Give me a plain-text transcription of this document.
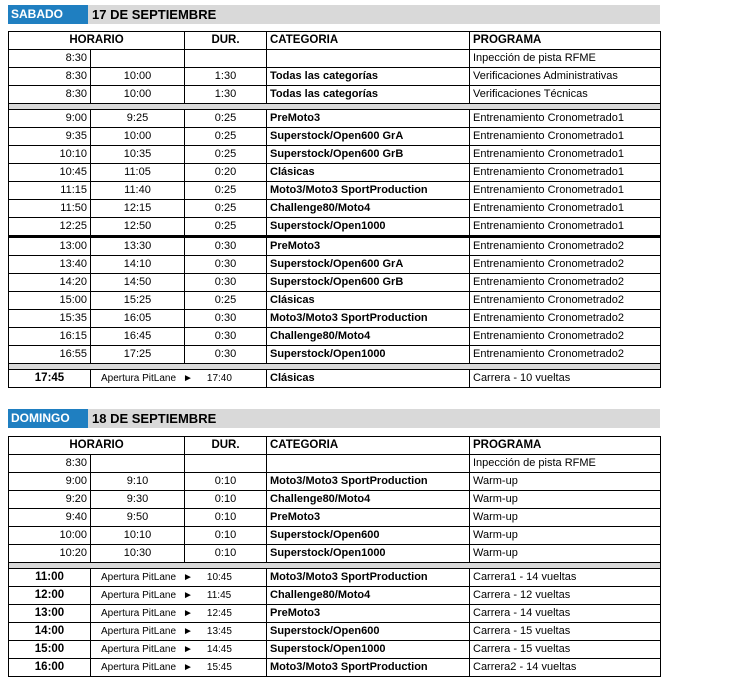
SABADO	17 DE SEPTIEMBRE
HORARIO		DUR.	CATEGORIA	PROGRAMA
8:30				Inpección de pista RFME
8:30	10:00	1:30	Todas las categorías	Verificaciones Administrativas
8:30	10:00	1:30	Todas las categorías	Verificaciones Técnicas

9:00	9:25	0:25	PreMoto3	Entrenamiento Cronometrado1
9:35	10:00	0:25	Superstock/Open600 GrA	Entrenamiento Cronometrado1
10:10	10:35	0:25	Superstock/Open600 GrB	Entrenamiento Cronometrado1
10:45	11:05	0:20	Clásicas	Entrenamiento Cronometrado1
11:15	11:40	0:25	Moto3/Moto3 SportProduction	Entrenamiento Cronometrado1
11:50	12:15	0:25	Challenge80/Moto4	Entrenamiento Cronometrado1
12:25	12:50	0:25	Superstock/Open1000	Entrenamiento Cronometrado1
13:00	13:30	0:30	PreMoto3	Entrenamiento Cronometrado2
13:40	14:10	0:30	Superstock/Open600 GrA	Entrenamiento Cronometrado2
14:20	14:50	0:30	Superstock/Open600 GrB	Entrenamiento Cronometrado2
15:00	15:25	0:25	Clásicas	Entrenamiento Cronometrado2
15:35	16:05	0:30	Moto3/Moto3 SportProduction	Entrenamiento Cronometrado2
16:15	16:45	0:30	Challenge80/Moto4	Entrenamiento Cronometrado2
16:55	17:25	0:30	Superstock/Open1000	Entrenamiento Cronometrado2

17:45	Apertura PitLane ► 17:40		Clásicas	Carrera - 10 vueltas
DOMINGO	18 DE SEPTIEMBRE
HORARIO		DUR.	CATEGORIA	PROGRAMA
8:30				Inpección de pista RFME
9:00	9:10	0:10	Moto3/Moto3 SportProduction	Warm-up
9:20	9:30	0:10	Challenge80/Moto4	Warm-up
9:40	9:50	0:10	PreMoto3	Warm-up
10:00	10:10	0:10	Superstock/Open600	Warm-up
10:20	10:30	0:10	Superstock/Open1000	Warm-up

11:00	Apertura PitLane ► 10:45		Moto3/Moto3 SportProduction	Carrera1 - 14 vueltas
12:00	Apertura PitLane ► 11:45		Challenge80/Moto4	Carrera - 12 vueltas
13:00	Apertura PitLane ► 12:45		PreMoto3	Carrera - 14 vueltas
14:00	Apertura PitLane ► 13:45		Superstock/Open600	Carrera - 15 vueltas
15:00	Apertura PitLane ► 14:45		Superstock/Open1000	Carrera - 15 vueltas
16:00	Apertura PitLane ► 15:45		Moto3/Moto3 SportProduction	Carrera2 - 14 vueltas
